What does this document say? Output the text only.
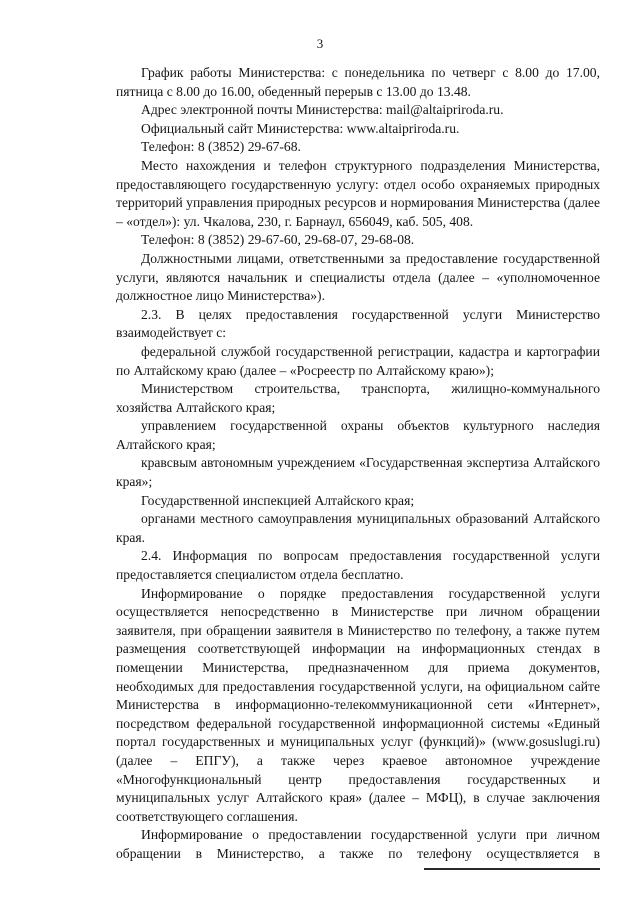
3

График работы Министерства: с понедельника по четверг с 8.00 до 17.00, пятница с 8.00 до 16.00, обеденный перерыв с 13.00 до 13.48.

Адрес электронной почты Министерства: mail@altaipriroda.ru.

Официальный сайт Министерства: www.altaipriroda.ru.

Телефон: 8 (3852) 29-67-68.

Место нахождения и телефон структурного подразделения Министерства, предоставляющего государственную услугу: отдел особо охраняемых природных территорий управления природных ресурсов и нормирования Министерства (далее – «отдел»): ул. Чкалова, 230, г. Барнаул, 656049, каб. 505, 408.

Телефон: 8 (3852) 29-67-60, 29-68-07, 29-68-08.

Должностными лицами, ответственными за предоставление государственной услуги, являются начальник и специалисты отдела (далее – «уполномоченное должностное лицо Министерства»).

2.3. В целях предоставления государственной услуги Министерство взаимодействует с:

федеральной службой государственной регистрации, кадастра и картографии по Алтайскому краю (далее – «Росреестр по Алтайскому краю»);

Министерством строительства, транспорта, жилищно-коммунального хозяйства Алтайского края;

управлением государственной охраны объектов культурного наследия Алтайского края;

кравсвым автономным учреждением «Государственная экспертиза Алтайского края»;

Государственной инспекцией Алтайского края;

органами местного самоуправления муниципальных образований Алтайского края.

2.4. Информация по вопросам предоставления государственной услуги предоставляется специалистом отдела бесплатно.

Информирование о порядке предоставления государственной услуги осуществляется непосредственно в Министерстве при личном обращении заявителя, при обращении заявителя в Министерство по телефону, а также путем размещения соответствующей информации на информационных стендах в помещении Министерства, предназначенном для приема документов, необходимых для предоставления государственной услуги, на официальном сайте Министерства в информационно-телекоммуникационной сети «Интернет», посредством федеральной государственной информационной системы «Единый портал государственных и муниципальных услуг (функций)» (www.gosuslugi.ru) (далее – ЕПГУ), а также через краевое автономное учреждение «Многофункциональный центр предоставления государственных и муниципальных услуг Алтайского края» (далее – МФЦ), в случае заключения соответствующего соглашения.

Информирование о предоставлении государственной услуги при личном обращении в Министерство, а также по телефону осуществляется в
